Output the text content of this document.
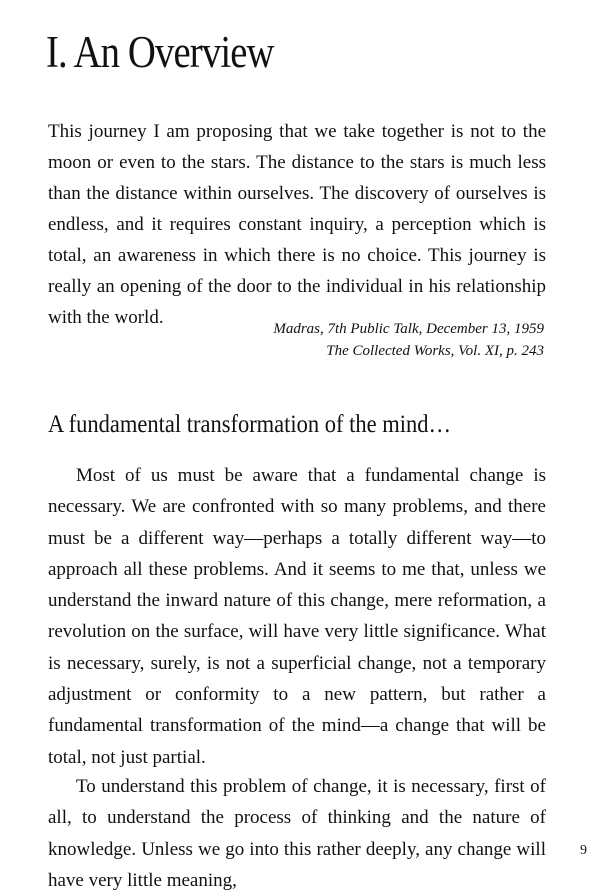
I. An Overview

This journey I am proposing that we take together is not to the moon or even to the stars. The distance to the stars is much less than the distance within ourselves. The discovery of ourselves is endless, and it requires constant inquiry, a perception which is total, an awareness in which there is no choice. This journey is really an opening of the door to the individual in his relationship with the world.

Madras, 7th Public Talk, December 13, 1959
The Collected Works, Vol. XI, p. 243
A fundamental transformation of the mind…

Most of us must be aware that a fundamental change is necessary. We are confronted with so many problems, and there must be a different way—perhaps a totally different way—to approach all these problems. And it seems to me that, unless we understand the inward nature of this change, mere reformation, a revolution on the surface, will have very little significance. What is necessary, surely, is not a superficial change, not a temporary adjustment or conformity to a new pattern, but rather a fundamental transformation of the mind—a change that will be total, not just partial.

To understand this problem of change, it is necessary, first of all, to understand the process of thinking and the nature of knowledge. Unless we go into this rather deeply, any change will have very little meaning,

9
